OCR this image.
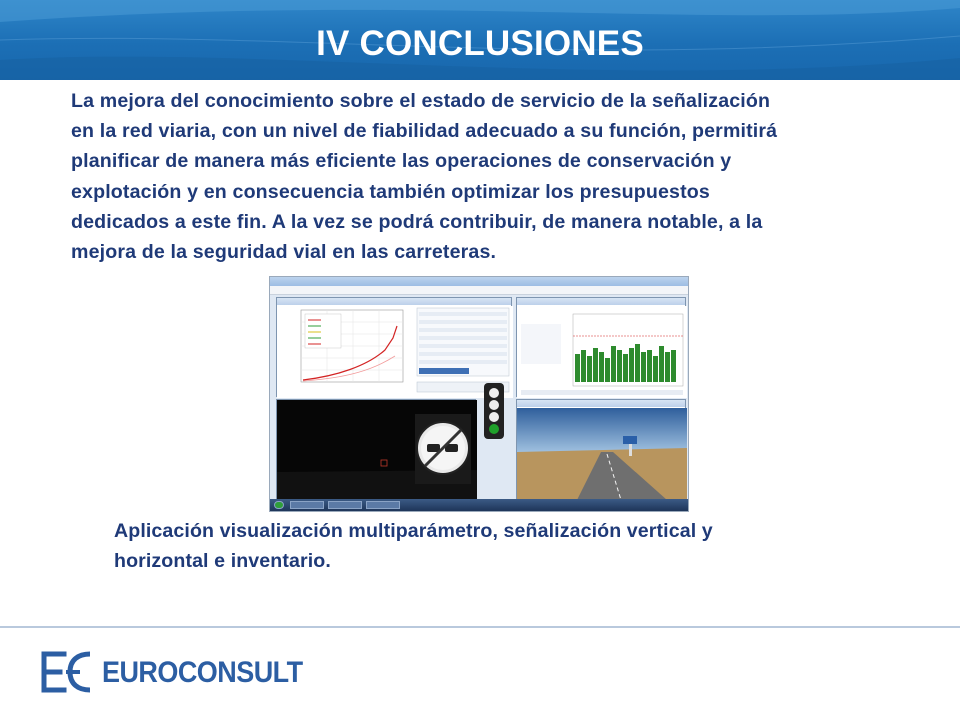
IV CONCLUSIONES
La mejora del conocimiento sobre el estado de servicio de la señalización
en la red viaria, con un nivel de fiabilidad adecuado a su función, permitirá
planificar de manera más eficiente las operaciones de conservación y
explotación y en consecuencia también optimizar los presupuestos
dedicados a este fin. A la vez se podrá contribuir, de manera notable, a la
mejora de la seguridad vial en las carreteras.
Aplicación visualización multiparámetro, señalización vertical y
horizontal e inventario.
EUROCONSULT
